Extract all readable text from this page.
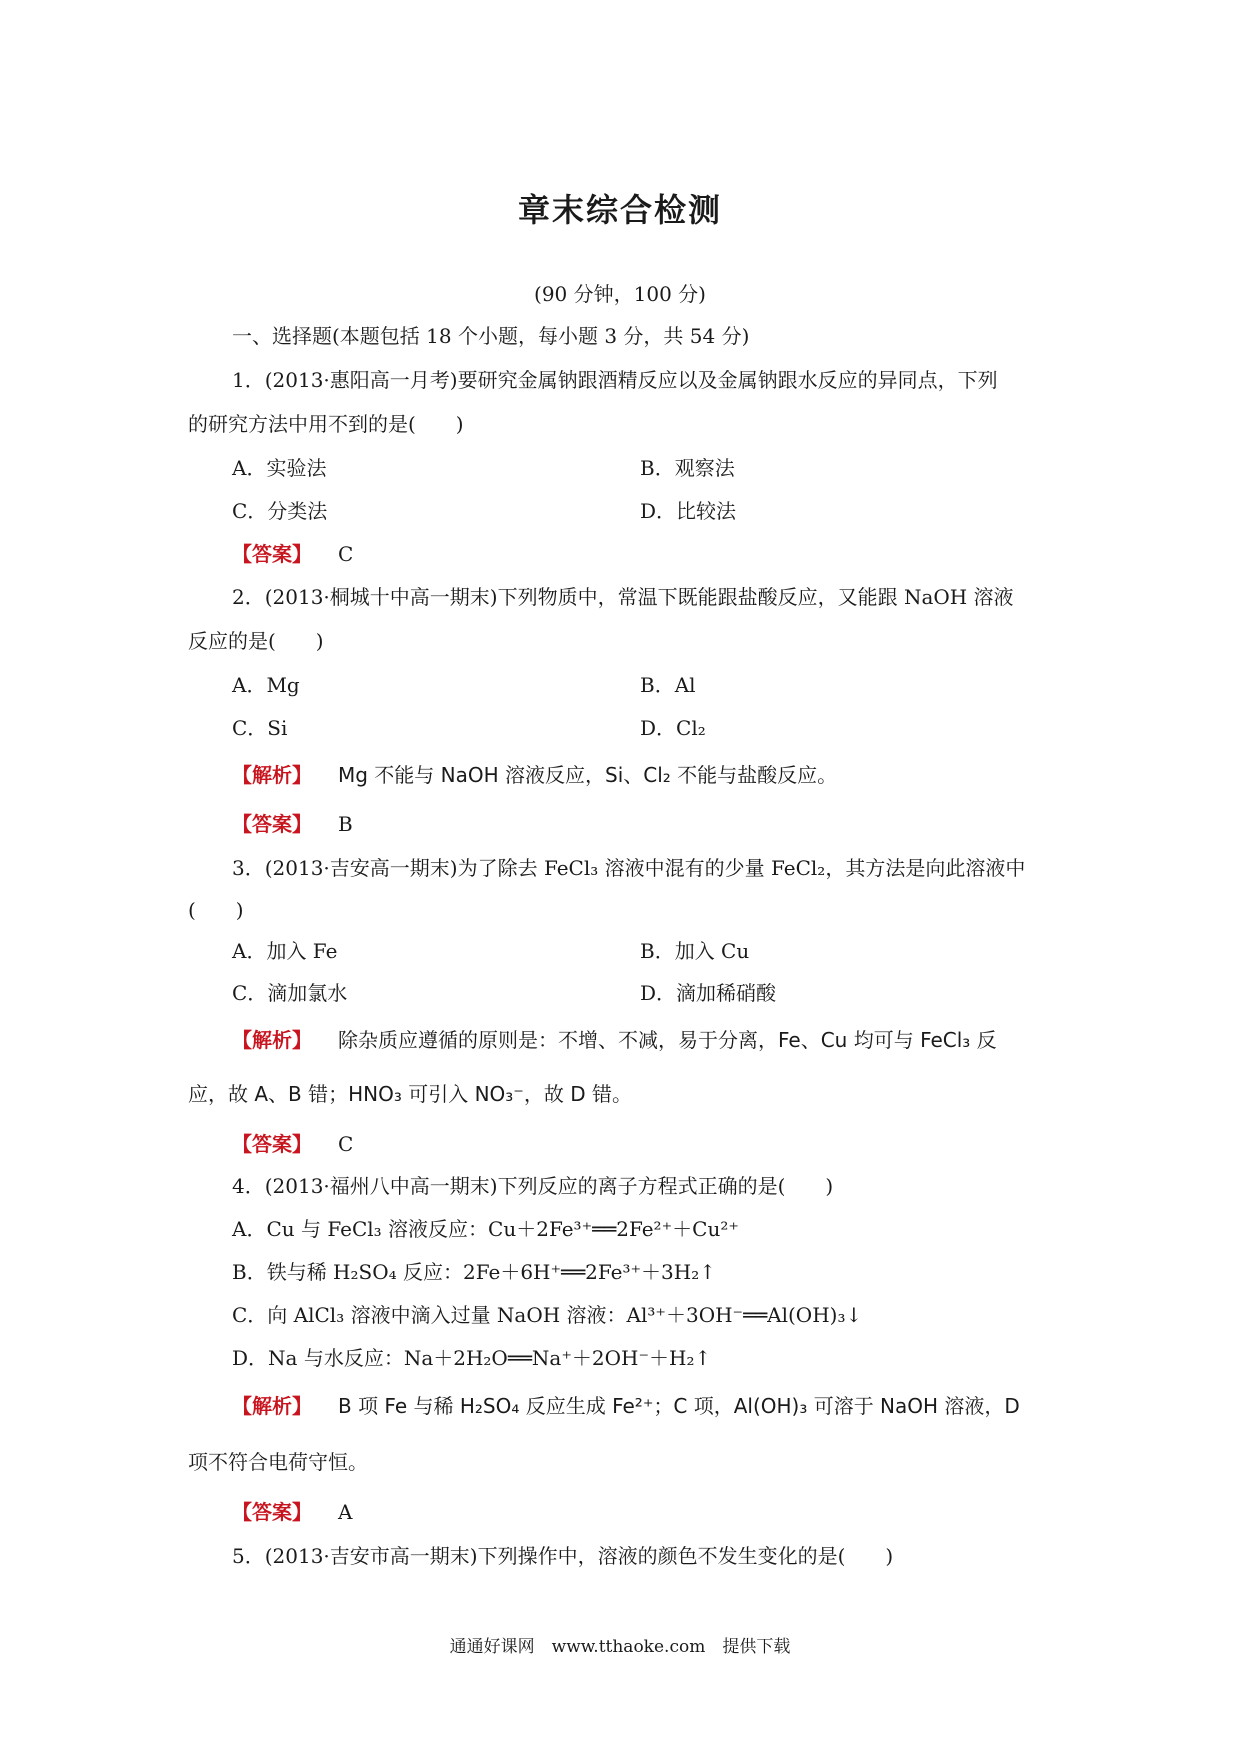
章末综合检测
(90 分钟，100 分)
一、选择题(本题包括 18 个小题，每小题 3 分，共 54 分)
1．(2013·惠阳高一月考)要研究金属钠跟酒精反应以及金属钠跟水反应的异同点，下列
的研究方法中用不到的是(　　)
A．实验法	B．观察法
C．分类法	D．比较法
【答案】 C
2．(2013·桐城十中高一期末)下列物质中，常温下既能跟盐酸反应，又能跟 NaOH 溶液
反应的是(　　)
A．Mg	B．Al
C．Si	D．Cl₂
【解析】 Mg 不能与 NaOH 溶液反应，Si、Cl₂ 不能与盐酸反应。
【答案】 B
3．(2013·吉安高一期末)为了除去 FeCl₃ 溶液中混有的少量 FeCl₂，其方法是向此溶液中
(　　)
A．加入 Fe	B．加入 Cu
C．滴加氯水	D．滴加稀硝酸
【解析】 除杂质应遵循的原则是：不增、不减，易于分离，Fe、Cu 均可与 FeCl₃ 反
应，故 A、B 错；HNO₃ 可引入 NO₃⁻，故 D 错。
【答案】 C
4．(2013·福州八中高一期末)下列反应的离子方程式正确的是(　　)
A．Cu 与 FeCl₃ 溶液反应：Cu＋2Fe³⁺══2Fe²⁺＋Cu²⁺
B．铁与稀 H₂SO₄ 反应：2Fe＋6H⁺══2Fe³⁺＋3H₂↑
C．向 AlCl₃ 溶液中滴入过量 NaOH 溶液：Al³⁺＋3OH⁻══Al(OH)₃↓
D．Na 与水反应：Na＋2H₂O══Na⁺＋2OH⁻＋H₂↑
【解析】 B 项 Fe 与稀 H₂SO₄ 反应生成 Fe²⁺；C 项，Al(OH)₃ 可溶于 NaOH 溶液，D
项不符合电荷守恒。
【答案】 A
5．(2013·吉安市高一期末)下列操作中，溶液的颜色不发生变化的是(　　)
通通好课网　www.tthaoke.com　提供下载
